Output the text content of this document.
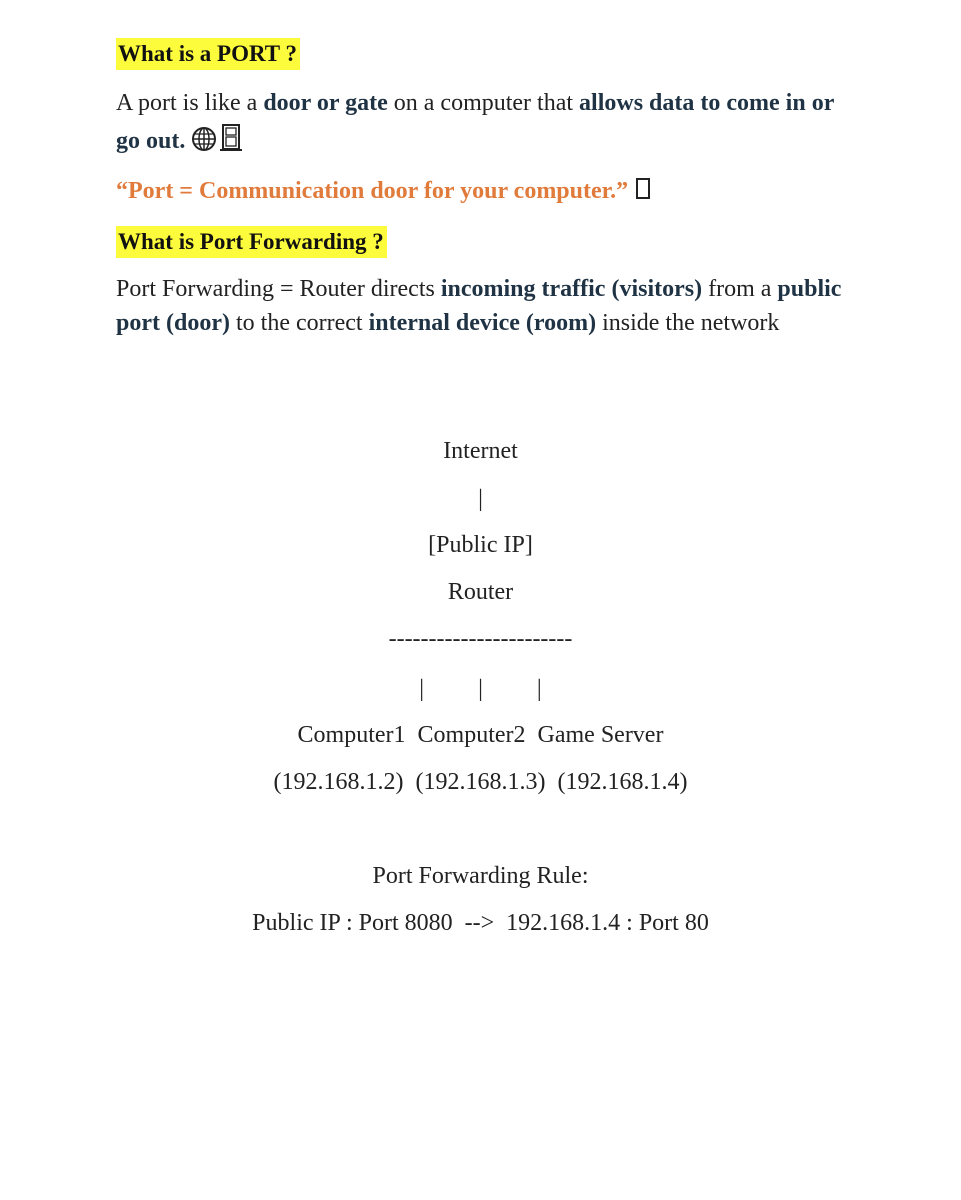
What is a PORT ?
A port is like a door or gate on a computer that allows data to come in or go out.
“Port = Communication door for your computer.”
What is Port Forwarding ?
Port Forwarding = Router directs incoming traffic (visitors) from a public port (door) to the correct internal device (room) inside the network
Internet
|
[Public IP]
Router
-----------------------
|         |         |
Computer1  Computer2  Game Server
(192.168.1.2)  (192.168.1.3)  (192.168.1.4)
Port Forwarding Rule:
Public IP : Port 8080  -->  192.168.1.4 : Port 80
